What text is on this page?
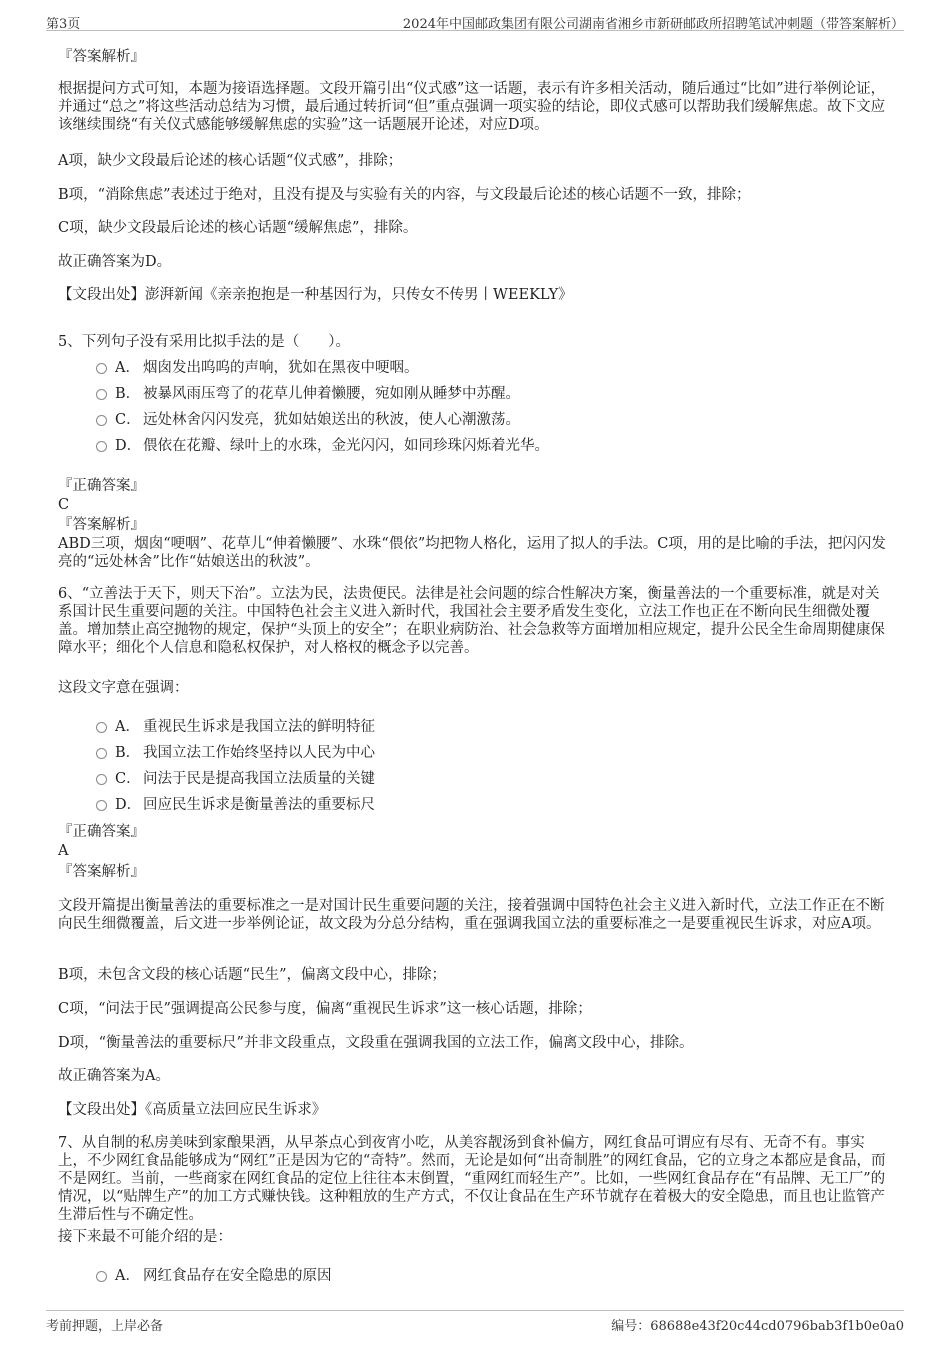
第3页	2024年中国邮政集团有限公司湖南省湘乡市新研邮政所招聘笔试冲刺题（带答案解析）
『答案解析』
根据提问方式可知，本题为接语选择题。文段开篇引出“仪式感”这一话题，表示有许多相关活动，随后通过“比如”进行举例论证，并通过“总之”将这些活动总结为习惯，最后通过转折词“但”重点强调一项实验的结论，即仪式感可以帮助我们缓解焦虑。故下文应该继续围绕“有关仪式感能够缓解焦虑的实验”这一话题展开论述，对应D项。
A项，缺少文段最后论述的核心话题“仪式感”，排除；
B项，“消除焦虑”表述过于绝对，且没有提及与实验有关的内容，与文段最后论述的核心话题不一致，排除；
C项，缺少文段最后论述的核心话题“缓解焦虑”，排除。
故正确答案为D。
【文段出处】澎湃新闻《亲亲抱抱是一种基因行为，只传女不传男丨WEEKLY》
5、下列句子没有采用比拟手法的是（　　）。
A． 烟囱发出呜呜的声响，犹如在黑夜中哽咽。
B． 被暴风雨压弯了的花草儿伸着懒腰，宛如刚从睡梦中苏醒。
C． 远处林舍闪闪发亮，犹如姑娘送出的秋波，使人心潮激荡。
D． 偎依在花瓣、绿叶上的水珠，金光闪闪，如同珍珠闪烁着光华。
『正确答案』
C
『答案解析』
ABD三项，烟囱“哽咽”、花草儿“伸着懒腰”、水珠“偎依”均把物人格化，运用了拟人的手法。C项，用的是比喻的手法，把闪闪发亮的“远处林舍”比作“姑娘送出的秋波”。
6、“立善法于天下，则天下治”。立法为民，法贵便民。法律是社会问题的综合性解决方案，衡量善法的一个重要标准，就是对关系国计民生重要问题的关注。中国特色社会主义进入新时代，我国社会主要矛盾发生变化，立法工作也正在不断向民生细微处覆盖。增加禁止高空抛物的规定，保护“头顶上的安全”；在职业病防治、社会急救等方面增加相应规定，提升公民全生命周期健康保障水平；细化个人信息和隐私权保护，对人格权的概念予以完善。
这段文字意在强调：
A． 重视民生诉求是我国立法的鲜明特征
B． 我国立法工作始终坚持以人民为中心
C． 问法于民是提高我国立法质量的关键
D． 回应民生诉求是衡量善法的重要标尺
『正确答案』
A
『答案解析』
文段开篇提出衡量善法的重要标准之一是对国计民生重要问题的关注，接着强调中国特色社会主义进入新时代，立法工作正在不断向民生细微覆盖，后文进一步举例论证，故文段为分总分结构，重在强调我国立法的重要标准之一是要重视民生诉求，对应A项。
B项，未包含文段的核心话题“民生”，偏离文段中心，排除；
C项，“问法于民”强调提高公民参与度，偏离“重视民生诉求”这一核心话题，排除；
D项，“衡量善法的重要标尺”并非文段重点，文段重在强调我国的立法工作，偏离文段中心，排除。
故正确答案为A。
【文段出处】《高质量立法回应民生诉求》
7、从自制的私房美味到家酿果酒，从早茶点心到夜宵小吃，从美容靓汤到食补偏方，网红食品可谓应有尽有、无奇不有。事实上，不少网红食品能够成为“网红”正是因为它的“奇特”。然而，无论是如何“出奇制胜”的网红食品，它的立身之本都应是食品，而不是网红。当前，一些商家在网红食品的定位上往往本末倒置，“重网红而轻生产”。比如，一些网红食品存在“有品牌、无工厂”的情况，以“贴牌生产”的加工方式赚快钱。这种粗放的生产方式，不仅让食品在生产环节就存在着极大的安全隐患，而且也让监管产生滞后性与不确定性。
接下来最不可能介绍的是：
A． 网红食品存在安全隐患的原因
考前押题，上岸必备	编号：68688e43f20c44cd0796bab3f1b0e0a0
